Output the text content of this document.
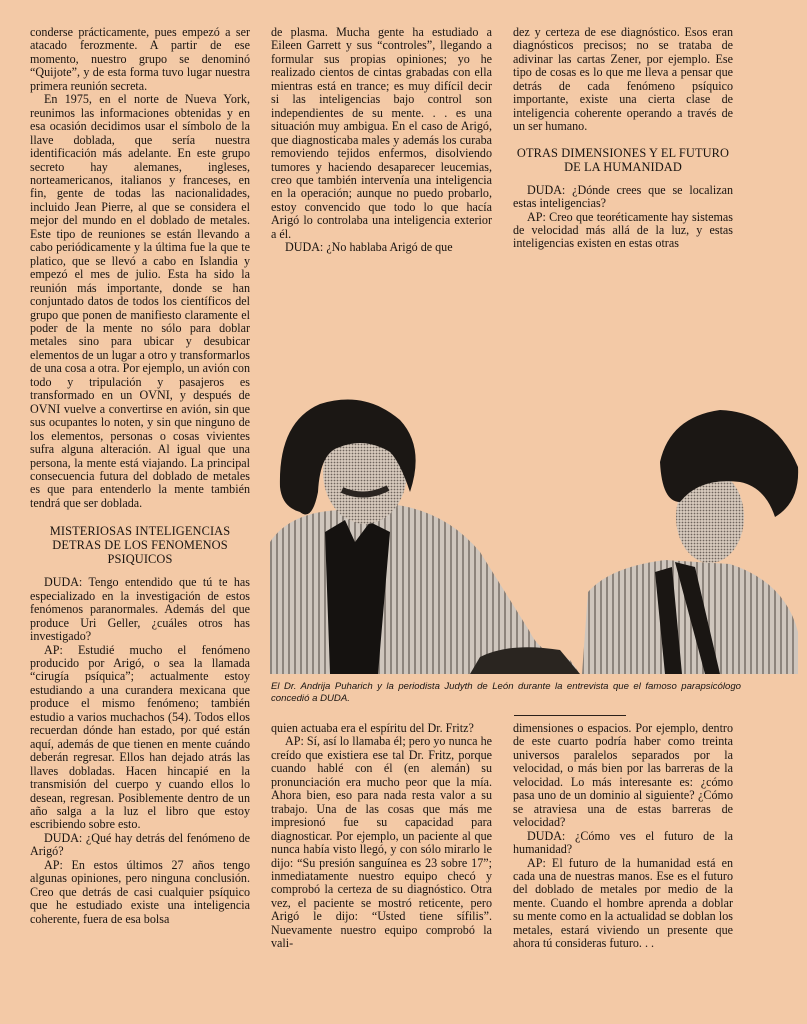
conderse prácticamente, pues empezó a ser atacado ferozmente. A partir de ese momento, nuestro grupo se denominó “Quijote”, y de esta forma tuvo lugar nuestra primera reunión secreta.

En 1975, en el norte de Nueva York, reunimos las informaciones obtenidas y en esa ocasión decidimos usar el símbolo de la llave doblada, que sería nuestra identificación más adelante. En este grupo secreto hay alemanes, ingleses, norteamericanos, italianos y franceses, en fin, gente de todas las nacionalidades, incluido Jean Pierre, al que se considera el mejor del mundo en el doblado de metales. Este tipo de reuniones se están llevando a cabo periódicamente y la última fue la que te platico, que se llevó a cabo en Islandia y empezó el mes de julio. Esta ha sido la reunión más importante, donde se han conjuntado datos de todos los científicos del grupo que ponen de manifiesto claramente el poder de la mente no sólo para doblar metales sino para ubicar y desubicar elementos de un lugar a otro y transformarlos de una cosa a otra. Por ejemplo, un avión con todo y tripulación y pasajeros es transformado en un OVNI, y después de OVNI vuelve a convertirse en avión, sin que sus ocupantes lo noten, y sin que ninguno de los elementos, personas o cosas vivientes sufra alguna alteración. Al igual que una persona, la mente está viajando. La principal consecuencia futura del doblado de metales es que para entenderlo la mente también tendrá que ser doblada.

MISTERIOSAS INTELIGENCIAS DETRAS DE LOS FENOMENOS PSIQUICOS

DUDA: Tengo entendido que tú te has especializado en la investigación de estos fenómenos paranormales. Además del que produce Uri Geller, ¿cuáles otros has investigado?

AP: Estudié mucho el fenómeno producido por Arigó, o sea la llamada “cirugía psíquica”; actualmente estoy estudiando a una curandera mexicana que produce el mismo fenómeno; también estudio a varios muchachos (54). Todos ellos recuerdan dónde han estado, por qué están aquí, además de que tienen en mente cuándo deberán regresar. Ellos han dejado atrás las llaves dobladas. Hacen hincapié en la transmisión del cuerpo y cuando ellos lo desean, regresan. Posiblemente dentro de un año salga a la luz el libro que estoy escribiendo sobre esto.

DUDA: ¿Qué hay detrás del fenómeno de Arigó?

AP: En estos últimos 27 años tengo algunas opiniones, pero ninguna conclusión. Creo que detrás de casi cualquier psíquico que he estudiado existe una inteligencia coherente, fuera de esa bolsa

de plasma. Mucha gente ha estudiado a Eileen Garrett y sus “controles”, llegando a formular sus propias opiniones; yo he realizado cientos de cintas grabadas con ella mientras está en trance; es muy difícil decir si las inteligencias bajo control son independientes de su mente. . . es una situación muy ambigua. En el caso de Arigó, que diagnosticaba males y además los curaba removiendo tejidos enfermos, disolviendo tumores y haciendo desaparecer leucemias, creo que también intervenía una inteligencia en la operación; aunque no puedo probarlo, estoy convencido que todo lo que hacía Arigó lo controlaba una inteligencia exterior a él.

DUDA: ¿No hablaba Arigó de que

dez y certeza de ese diagnóstico. Esos eran diagnósticos precisos; no se trataba de adivinar las cartas Zener, por ejemplo. Ese tipo de cosas es lo que me lleva a pensar que detrás de cada fenómeno psíquico importante, existe una cierta clase de inteligencia coherente operando a través de un ser humano.

OTRAS DIMENSIONES Y EL FUTURO DE LA HUMANIDAD

DUDA: ¿Dónde crees que se localizan estas inteligencias?

AP: Creo que teoréticamente hay sistemas de velocidad más allá de la luz, y estas inteligencias existen en estas otras

El Dr. Andrija Puharich y la periodista Judyth de León durante la entrevista que el famoso parapsicólogo concedió a DUDA.

quien actuaba era el espíritu del Dr. Fritz?

AP: Sí, así lo llamaba él; pero yo nunca he creído que existiera ese tal Dr. Fritz, porque cuando hablé con él (en alemán) su pronunciación era mucho peor que la mía. Ahora bien, eso para nada resta valor a su trabajo. Una de las cosas que más me impresionó fue su capacidad para diagnosticar. Por ejemplo, un paciente al que nunca había visto llegó, y con sólo mirarlo le dijo: “Su presión sanguínea es 23 sobre 17”; inmediatamente nuestro equipo checó y comprobó la certeza de su diagnóstico. Otra vez, el paciente se mostró reticente, pero Arigó le dijo: “Usted tiene sífilis”. Nuevamente nuestro equipo comprobó la vali-

dimensiones o espacios. Por ejemplo, dentro de este cuarto podría haber como treinta universos paralelos separados por la velocidad, o más bien por las barreras de la velocidad. Lo más interesante es: ¿cómo pasa uno de un dominio al siguiente? ¿Cómo se atraviesa una de estas barreras de velocidad?

DUDA: ¿Cómo ves el futuro de la humanidad?

AP: El futuro de la humanidad está en cada una de nuestras manos. Ese es el futuro del doblado de metales por medio de la mente. Cuando el hombre aprenda a doblar su mente como en la actualidad se doblan los metales, estará viviendo un presente que ahora tú consideras futuro. . .
